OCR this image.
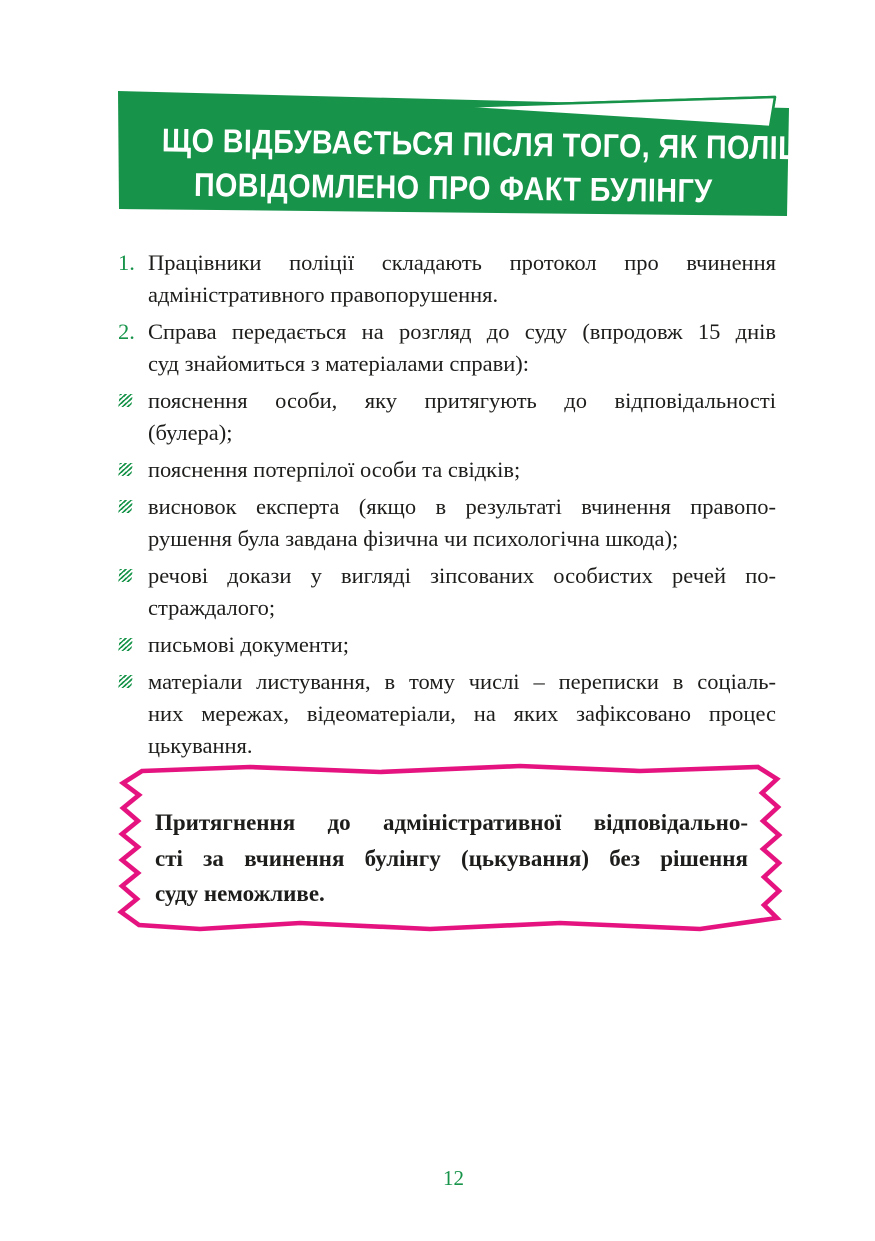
ЩО ВІДБУВАЄТЬСЯ ПІСЛЯ ТОГО, ЯК ПОЛІЦІЮ
ПОВІДОМЛЕНО ПРО ФАКТ БУЛІНГУ
1. Працівники поліції складають протокол про вчинення
адміністративного правопорушення.
2. Справа передається на розгляд до суду (впродовж 15 днів
суд знайомиться з матеріалами справи):
пояснення особи, яку притягують до відповідальності
(булера);
пояснення потерпілої особи та свідків;
висновок експерта (якщо в результаті вчинення правопо-
рушення була завдана фізична чи психологічна шкода);
речові докази у вигляді зіпсованих особистих речей по-
страждалого;
письмові документи;
матеріали листування, в тому числі – переписки в соціаль-
них мережах, відеоматеріали, на яких зафіксовано процес
цькування.
Притягнення до адміністративної відповідально-
сті за вчинення булінгу (цькування) без рішення
суду неможливе.
12
